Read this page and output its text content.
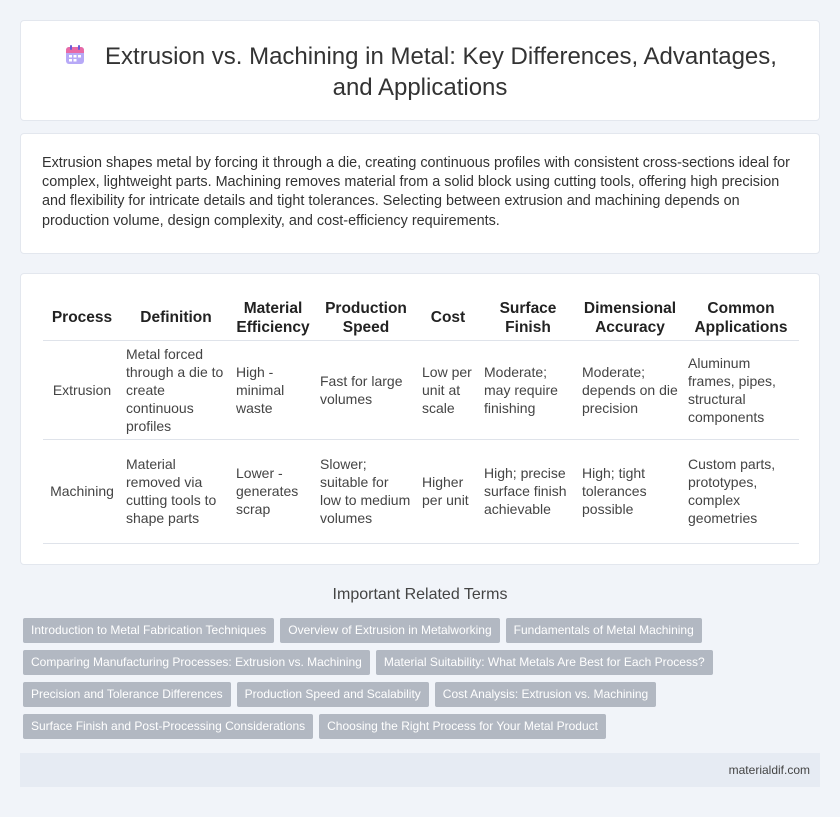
Extrusion vs. Machining in Metal: Key Differences, Advantages, and Applications

Extrusion shapes metal by forcing it through a die, creating continuous profiles with consistent cross-sections ideal for complex, lightweight parts. Machining removes material from a solid block using cutting tools, offering high precision and flexibility for intricate details and tight tolerances. Selecting between extrusion and machining depends on production volume, design complexity, and cost-efficiency requirements.

Process	Definition	Material Efficiency	Production Speed	Cost	Surface Finish	Dimensional Accuracy	Common Applications
Extrusion	Metal forced through a die to create continuous profiles	High - minimal waste	Fast for large volumes	Low per unit at scale	Moderate; may require finishing	Moderate; depends on die precision	Aluminum frames, pipes, structural components
Machining	Material removed via cutting tools to shape parts	Lower - generates scrap	Slower; suitable for low to medium volumes	Higher per unit	High; precise surface finish achievable	High; tight tolerances possible	Custom parts, prototypes, complex geometries
Important Related Terms
Introduction to Metal Fabrication Techniques Overview of Extrusion in Metalworking Fundamentals of Metal Machining
Comparing Manufacturing Processes: Extrusion vs. Machining Material Suitability: What Metals Are Best for Each Process?
Precision and Tolerance Differences Production Speed and Scalability Cost Analysis: Extrusion vs. Machining
Surface Finish and Post-Processing Considerations Choosing the Right Process for Your Metal Product
materialdif.com
